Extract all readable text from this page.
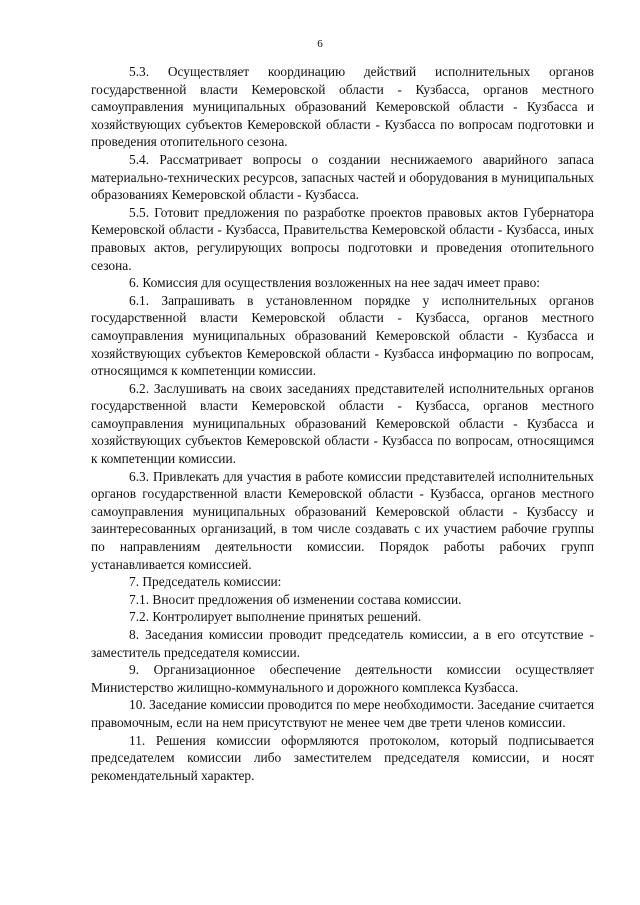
6

5.3. Осуществляет координацию действий исполнительных органов государственной власти Кемеровской области - Кузбасса, органов местного самоуправления муниципальных образований Кемеровской области - Кузбасса и хозяйствующих субъектов Кемеровской области - Кузбасса по вопросам подготовки и проведения отопительного сезона.

5.4. Рассматривает вопросы о создании неснижаемого аварийного запаса материально-технических ресурсов, запасных частей и оборудования в муниципальных образованиях Кемеровской области - Кузбасса.

5.5. Готовит предложения по разработке проектов правовых актов Губернатора Кемеровской области - Кузбасса, Правительства Кемеровской области - Кузбасса, иных правовых актов, регулирующих вопросы подготовки и проведения отопительного сезона.

6. Комиссия для осуществления возложенных на нее задач имеет право:

6.1. Запрашивать в установленном порядке у исполнительных органов государственной власти Кемеровской области - Кузбасса, органов местного самоуправления муниципальных образований Кемеровской области - Кузбасса и хозяйствующих субъектов Кемеровской области - Кузбасса информацию по вопросам, относящимся к компетенции комиссии.

6.2. Заслушивать на своих заседаниях представителей исполнительных органов государственной власти Кемеровской области - Кузбасса, органов местного самоуправления муниципальных образований Кемеровской области - Кузбасса и хозяйствующих субъектов Кемеровской области - Кузбасса по вопросам, относящимся к компетенции комиссии.

6.3. Привлекать для участия в работе комиссии представителей исполнительных органов государственной власти Кемеровской области - Кузбасса, органов местного самоуправления муниципальных образований Кемеровской области - Кузбассу и заинтересованных организаций, в том числе создавать с их участием рабочие группы по направлениям деятельности комиссии. Порядок работы рабочих групп устанавливается комиссией.

7. Председатель комиссии:

7.1. Вносит предложения об изменении состава комиссии.

7.2. Контролирует выполнение принятых решений.

8. Заседания комиссии проводит председатель комиссии, а в его отсутствие - заместитель председателя комиссии.

9. Организационное обеспечение деятельности комиссии осуществляет Министерство жилищно-коммунального и дорожного комплекса Кузбасса.

10. Заседание комиссии проводится по мере необходимости. Заседание считается правомочным, если на нем присутствуют не менее чем две трети членов комиссии.

11. Решения комиссии оформляются протоколом, который подписывается председателем комиссии либо заместителем председателя комиссии, и носят рекомендательный характер.
